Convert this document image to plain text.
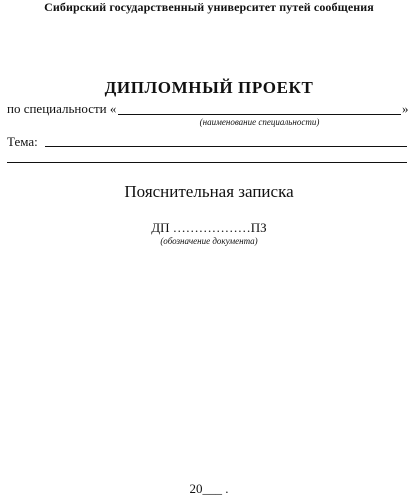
Сибирский государственный университет путей сообщения
ДИПЛОМНЫЙ ПРОЕКТ
по специальности «	»
(наименование специальности)
Тема:
Пояснительная записка
ДП ………………ПЗ
(обозначение документа)
20___ .
